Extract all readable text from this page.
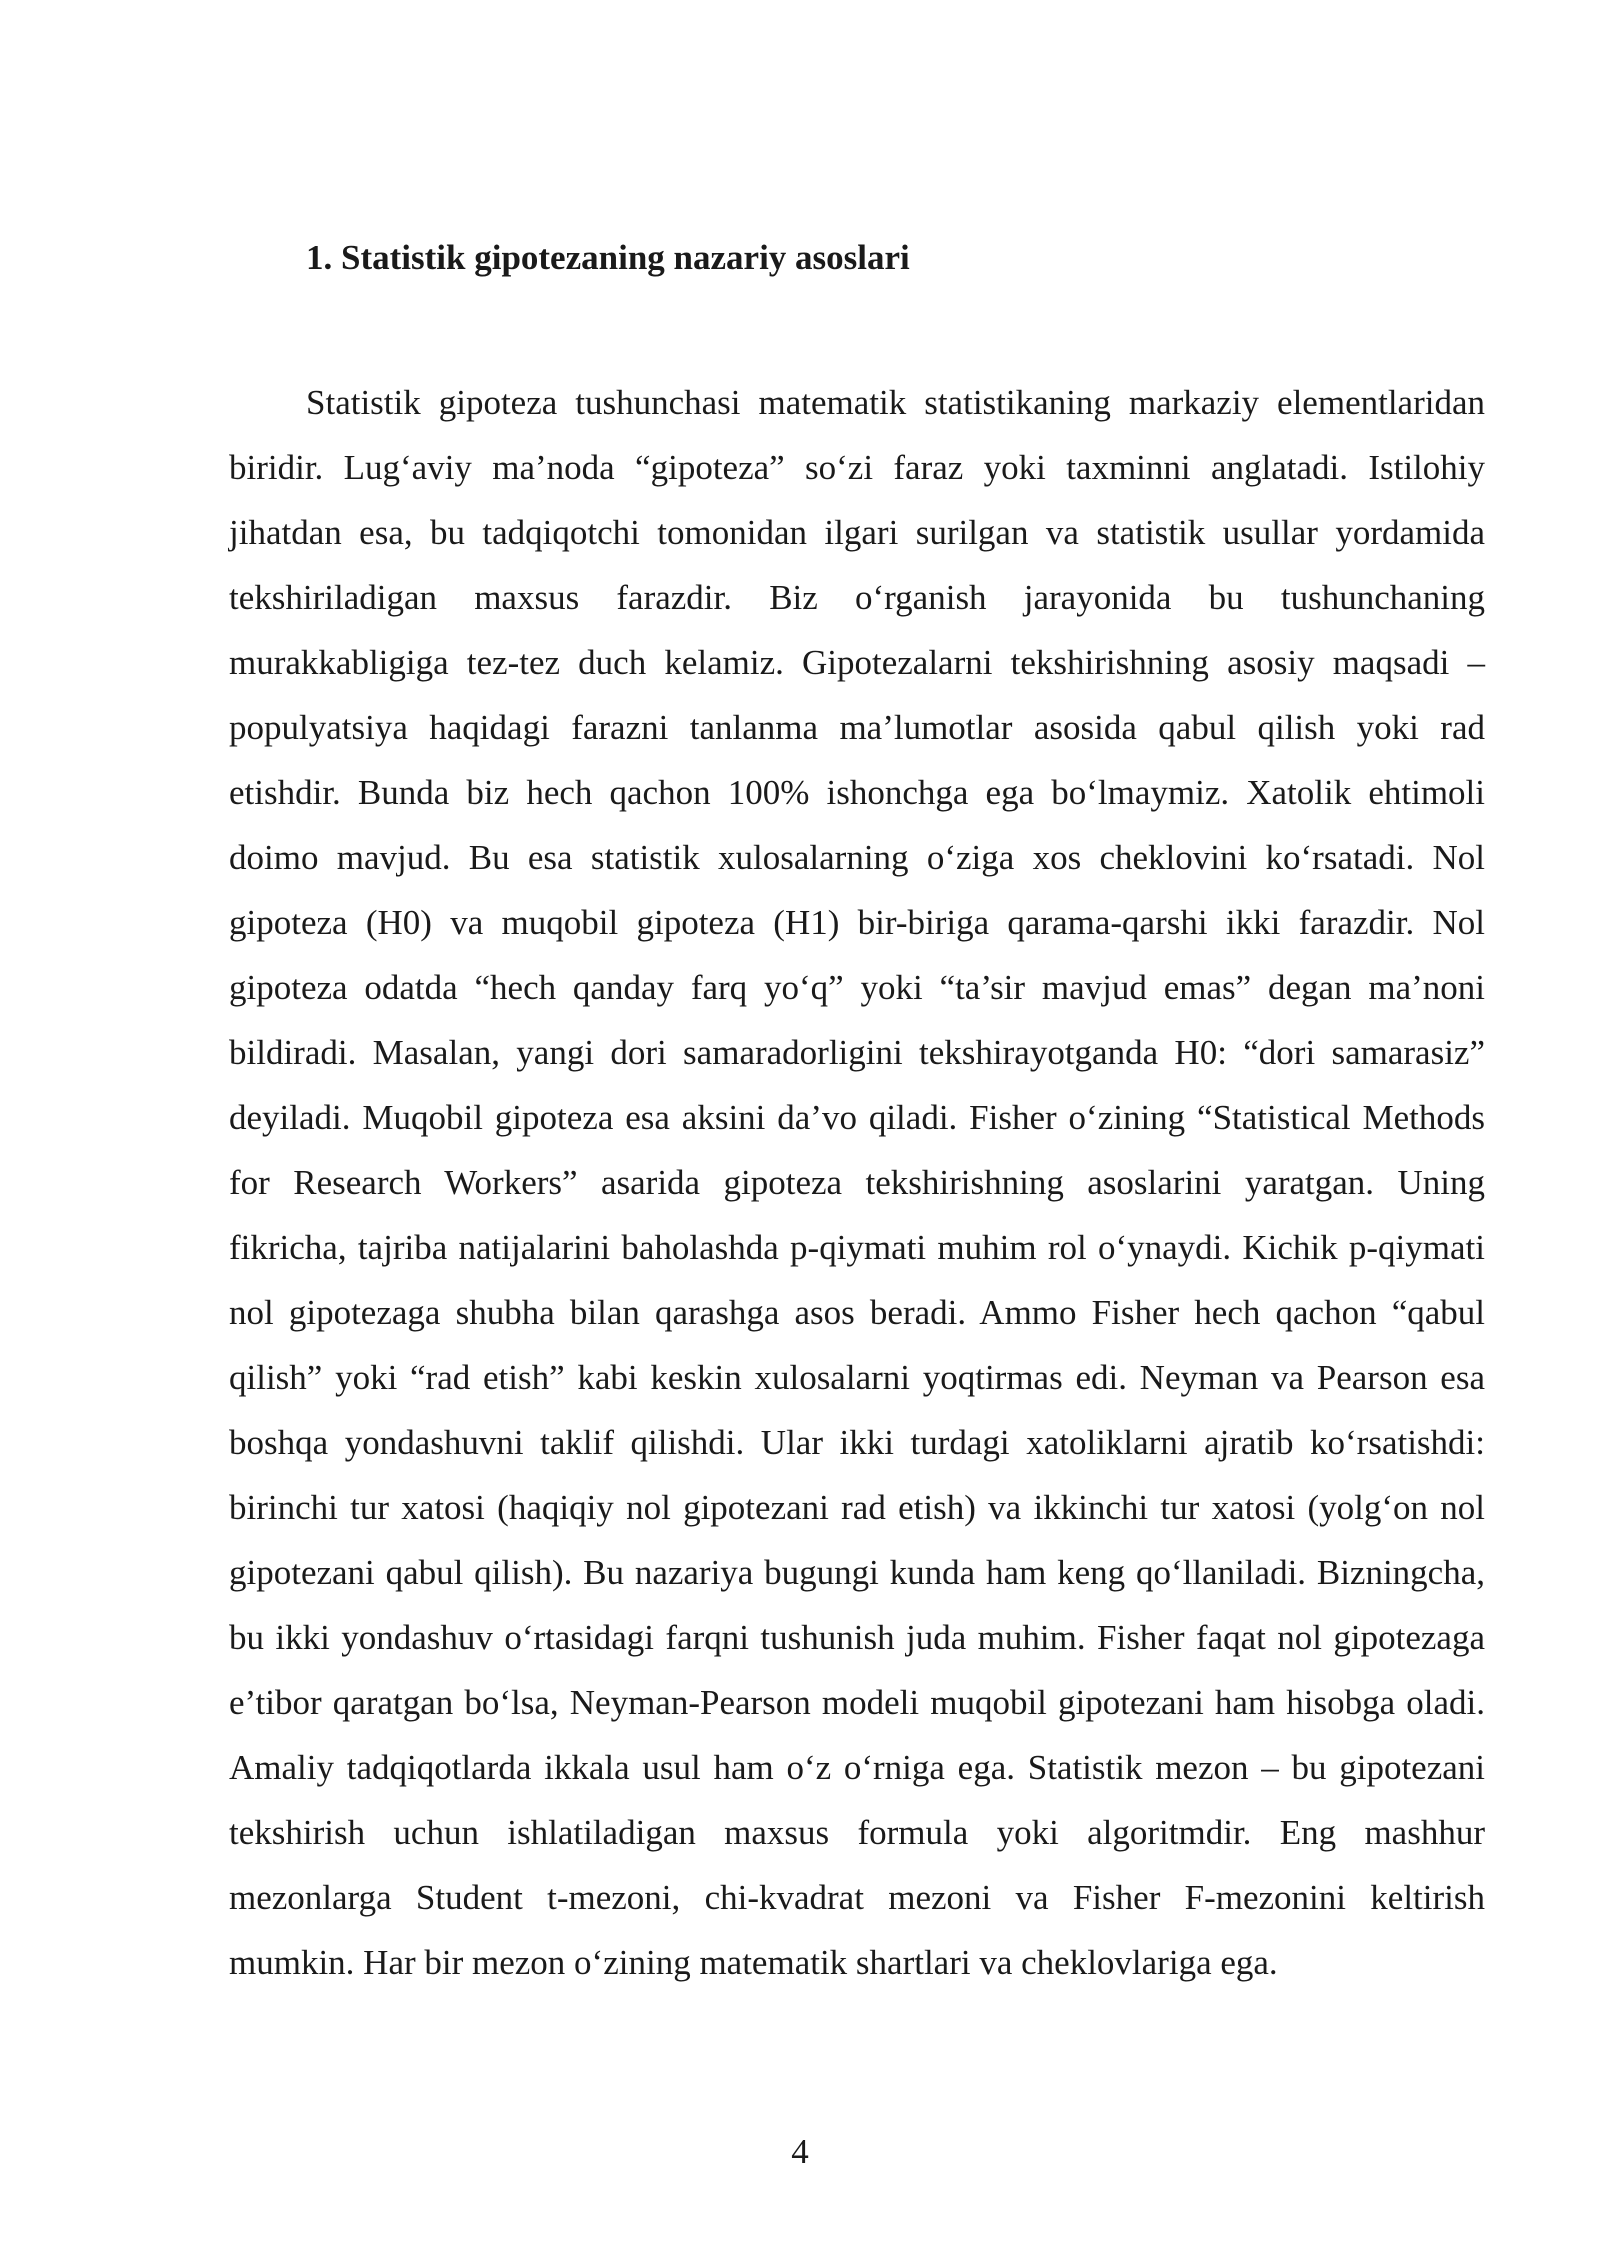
1. Statistik gipotezaning nazariy asoslari

Statistik gipoteza tushunchasi matematik statistikaning markaziy elementlaridan biridir. Lug‘aviy ma’noda “gipoteza” so‘zi faraz yoki taxminni anglatadi. Istilohiy jihatdan esa, bu tadqiqotchi tomonidan ilgari surilgan va statistik usullar yordamida tekshiriladigan maxsus farazdir. Biz o‘rganish jarayonida bu tushunchaning murakkabligiga tez-tez duch kelamiz. Gipotezalarni tekshirishning asosiy maqsadi – populyatsiya haqidagi farazni tanlanma ma’lumotlar asosida qabul qilish yoki rad etishdir. Bunda biz hech qachon 100% ishonchga ega bo‘lmaymiz. Xatolik ehtimoli doimo mavjud. Bu esa statistik xulosalarning o‘ziga xos cheklovini ko‘rsatadi. Nol gipoteza (H0) va muqobil gipoteza (H1) bir-biriga qarama-qarshi ikki farazdir. Nol gipoteza odatda “hech qanday farq yo‘q” yoki “ta’sir mavjud emas” degan ma’noni bildiradi. Masalan, yangi dori samaradorligini tekshirayotganda H0: “dori samarasiz” deyiladi. Muqobil gipoteza esa aksini da’vo qiladi. Fisher o‘zining “Statistical Methods for Research Workers” asarida gipoteza tekshirishning asoslarini yaratgan. Uning fikricha, tajriba natijalarini baholashda p-qiymati muhim rol o‘ynaydi. Kichik p-qiymati nol gipotezaga shubha bilan qarashga asos beradi. Ammo Fisher hech qachon “qabul qilish” yoki “rad etish” kabi keskin xulosalarni yoqtirmas edi. Neyman va Pearson esa boshqa yondashuvni taklif qilishdi. Ular ikki turdagi xatoliklarni ajratib ko‘rsatishdi: birinchi tur xatosi (haqiqiy nol gipotezani rad etish) va ikkinchi tur xatosi (yolg‘on nol gipotezani qabul qilish). Bu nazariya bugungi kunda ham keng qo‘llaniladi. Bizningcha, bu ikki yondashuv o‘rtasidagi farqni tushunish juda muhim. Fisher faqat nol gipotezaga e’tibor qaratgan bo‘lsa, Neyman-Pearson modeli muqobil gipotezani ham hisobga oladi. Amaliy tadqiqotlarda ikkala usul ham o‘z o‘rniga ega. Statistik mezon – bu gipotezani tekshirish uchun ishlatiladigan maxsus formula yoki algoritmdir. Eng mashhur mezonlarga Student t-mezoni, chi-kvadrat mezoni va Fisher F-mezonini keltirish mumkin. Har bir mezon o‘zining matematik shartlari va cheklovlariga ega.

4
